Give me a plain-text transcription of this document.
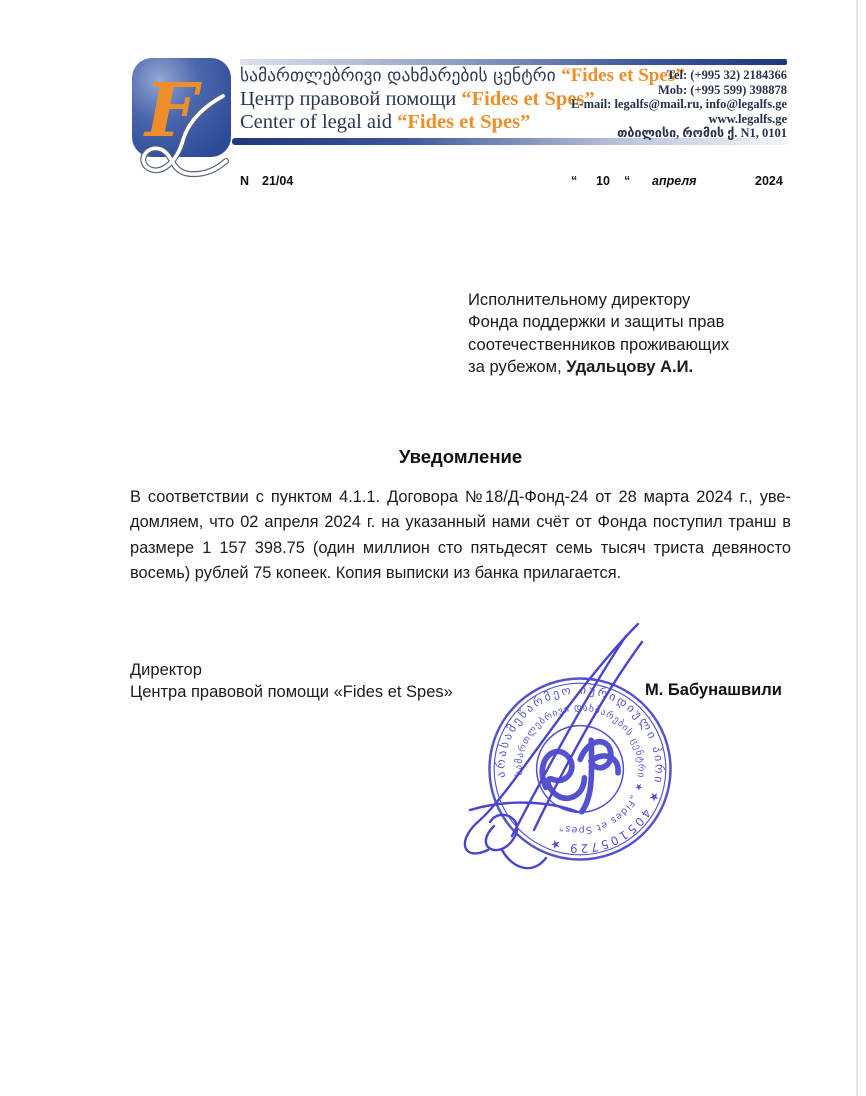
F სამართლებრივი დახმარების ცენტრი “Fides et Spes”
Центр правовой помощи “Fides et Spes”
Center of legal aid “Fides et Spes”
Tel: (+995 32) 2184366
Mob: (+995 599) 398878
E-mail: legalfs@mail.ru, info@legalfs.ge
www.legalfs.ge
თბილისი, რომის ქ. N1, 0101
N 21/04	“ 10 “ апреля	2024
Исполнительному директору
Фонда поддержки и защиты прав
соотечественников проживающих
за рубежом, Удальцову А.И.
Уведомление
В соответствии с пунктом 4.1.1. Договора №18/Д-Фонд-24 от 28 марта 2024 г., уве-домляем, что 02 апреля 2024 г. на указанный нами счёт от Фонда поступил транш в размере 1 157 398.75 (один миллион сто пятьдесят семь тысяч триста девяносто восемь) рублей 75 копеек. Копия выписки из банка прилагается.
Директор
Центра правовой помощи «Fides et Spes»	М. Бабунашвили
არასამეწარმეო იურიდიული პირი ★ 405105729 ★
სამართლებრივი დახმარების ცენტრი ★ „Fides et Spes”
